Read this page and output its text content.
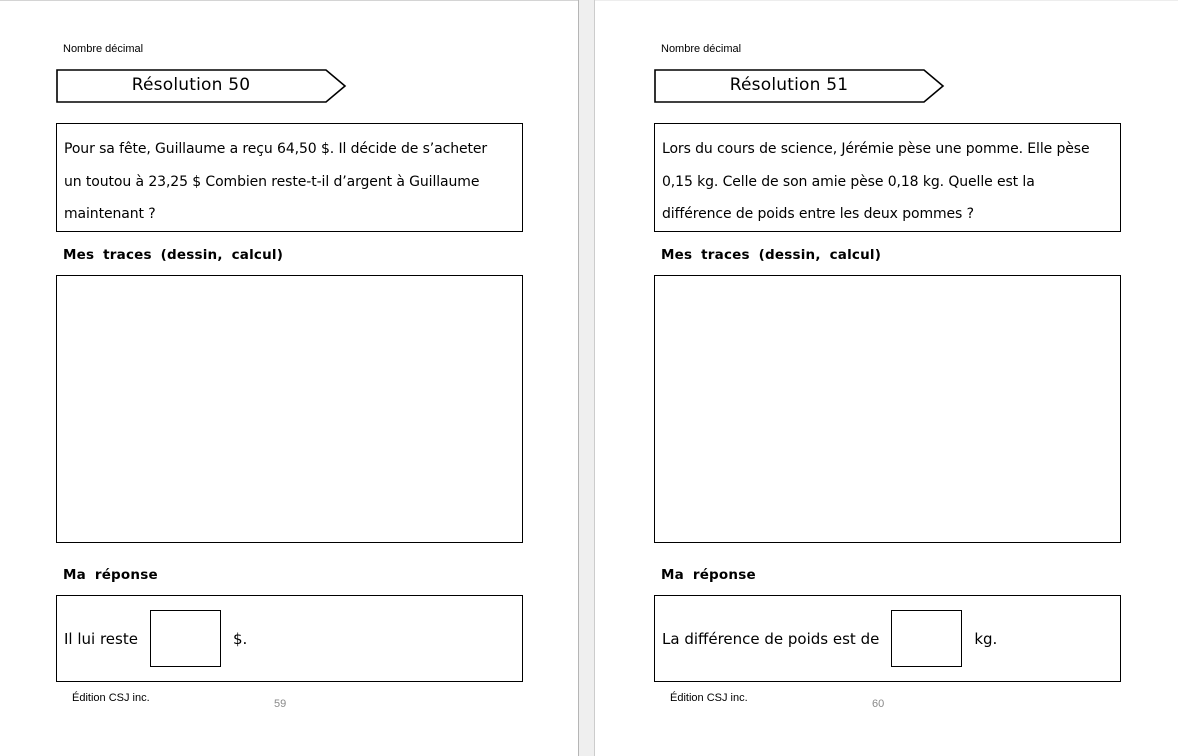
Nombre décimal
Résolution 50
Pour sa fête, Guillaume a reçu 64,50 $. Il décide de s’acheter
un toutou à 23,25 $ Combien reste-t-il d’argent à Guillaume
maintenant ?
Mes traces (dessin, calcul)
Ma réponse
Il lui reste	$.
Édition CSJ inc.	59
Nombre décimal
Résolution 51
Lors du cours de science, Jérémie pèse une pomme. Elle pèse
0,15 kg. Celle de son amie pèse 0,18 kg. Quelle est la
différence de poids entre les deux pommes ?
Mes traces (dessin, calcul)
Ma réponse
La différence de poids est de	kg.
Édition CSJ inc.	60
